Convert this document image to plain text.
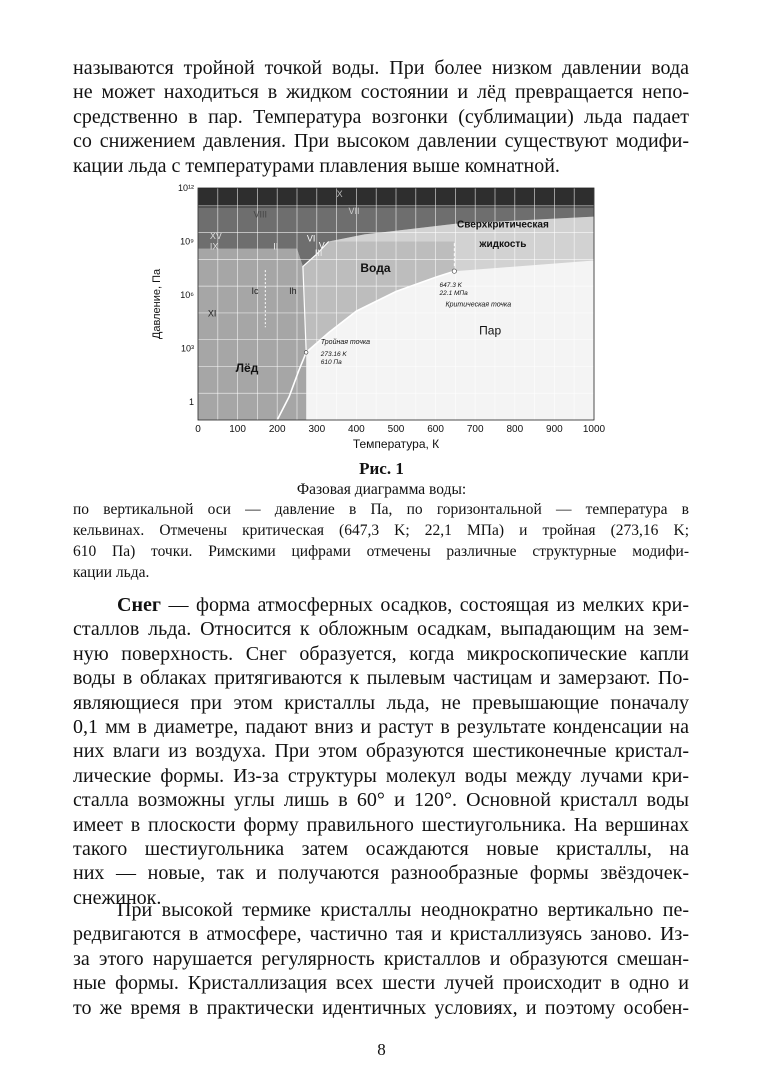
называются тройной точкой воды. При более низком давлении вода
не может находиться в жидком состоянии и лёд превращается непо-
средственно в пар. Температура возгонки (сублимации) льда падает
со снижением давления. При высоком давлении существуют модифи-
кации льда с температурами плавления выше комнатной.
Лёд
Вода
Пар
Сверхкритическая
жидкость
X
VII
VIII
XV
IX	II
VI
V
III
Ic	Ih
XI
647.3 K
22.1 МПа
Критическая точка
Тройная точка
273.16 K
610 Па
0	100 200 300 400 500 600 700 800 900 1000
10¹²
10⁹
10⁶
10³
1
Температура, К
Давление, Па
Рис. 1
Фазовая диаграмма воды:
по вертикальной оси — давление в Па, по горизонтальной — температура в
кельвинах. Отмечены критическая (647,3 K; 22,1 МПа) и тройная (273,16 K;
610 Па) точки. Римскими цифрами отмечены различные структурные модифи-
кации льда.
Снег — форма атмосферных осадков, состоящая из мелких кри-
сталлов льда. Относится к обложным осадкам, выпадающим на зем-
ную поверхность. Снег образуется, когда микроскопические капли
воды в облаках притягиваются к пылевым частицам и замерзают. По-
являющиеся при этом кристаллы льда, не превышающие поначалу
0,1 мм в диаметре, падают вниз и растут в результате конденсации на
них влаги из воздуха. При этом образуются шестиконечные кристал-
лические формы. Из-за структуры молекул воды между лучами кри-
сталла возможны углы лишь в 60° и 120°. Основной кристалл воды
имеет в плоскости форму правильного шестиугольника. На вершинах
такого шестиугольника затем осаждаются новые кристаллы, на
них — новые, так и получаются разнообразные формы звёздочек-
снежинок.
При высокой термике кристаллы неоднократно вертикально пе-
редвигаются в атмосфере, частично тая и кристаллизуясь заново. Из-
за этого нарушается регулярность кристаллов и образуются смешан-
ные формы. Кристаллизация всех шести лучей происходит в одно и
то же время в практически идентичных условиях, и поэтому особен-
8
